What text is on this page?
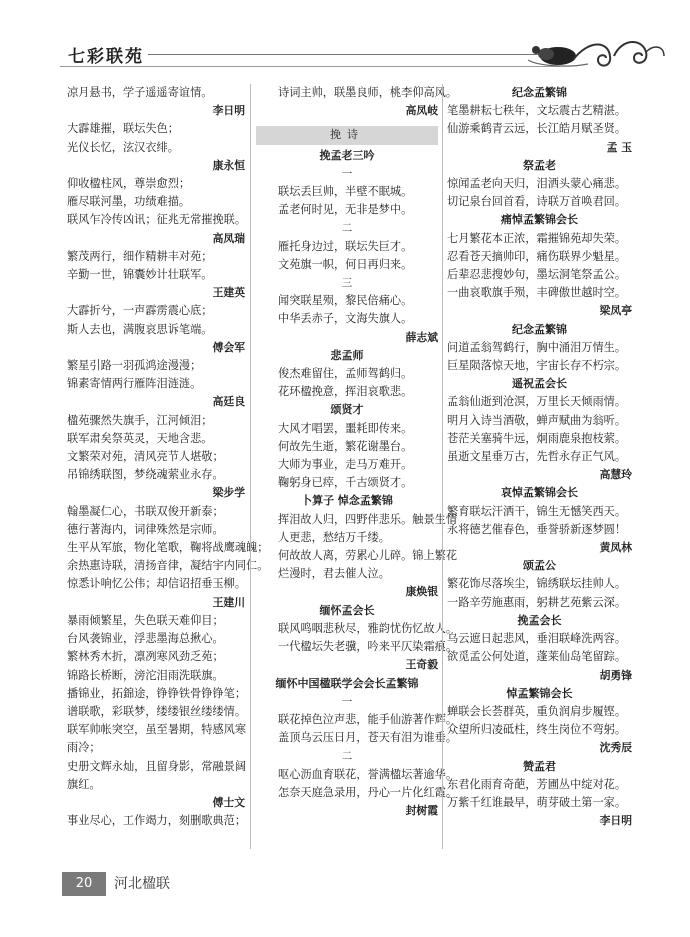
七彩联苑
凉月悬书，学子遥遥寄谊情。
李日明
大霹雄摧，联坛失色；
光仪长忆，泫汉衣绯。
康永恒
仰收楹柱风，尊崇愈烈；
雁尽联河墨，功绩难描。
联风乍冷传凶讯；征兆无常摧挽联。
高凤瑞
繁茂两行，细作精耕丰对苑；
辛勤一世，锦囊妙计壮联军。
王建英
大霹折兮，一声霹雳震心底；
斯人去也，满腹哀思诉笔端。
傅会军
繁星引路一羽孤鸿途漫漫；
锦素寄情两行雁阵泪涟涟。
高廷良
楹苑骤然失旗手，江河倾泪；
联军肃矣祭英灵，天地含悲。
文繁荣对苑，清风亮节人堪敬；
吊锦绣联图，梦绕魂萦业永存。
梁步学
翰墨凝仁心，书联双俊开新泰；
德行著海内，词律殊然是宗师。
生平从军旅，物化笔歌，鞠将战鹰魂魄；
余热惠诗联，清扬音律，凝结宇内同仁。
惊悉讣响忆公伟；却信诏招垂玉柳。
王建川
暴雨倾繁星，失色联天难仰目；
台风袭锦业，浮悲墨海总揪心。
繁林秀木折，凛冽寒风劲乏苑；
锦路长桥断，滂沱泪雨洗联旗。
播锦业，拓錦途，铮铮铁骨铮铮笔；
谱联歌，彩联梦，缕缕银丝缕缕情。
联军帅帐突空，虽至暑期，特感风寒
雨冷；
史册文辉永灿，且留身影，常融景阔
旗红。
傅士文
事业尽心，工作竭力，刻删歌典范；
诗词主帅，联墨良师，桃李仰高风。
高凤岐
挽诗
挽孟老三吟
一
联坛丢巨帅，半壁不眠城。
孟老何时见，无非是梦中。
二
雁托身边过，联坛失巨才。
文苑旗一帜，何日再归来。
三
闻突联星殒，黎民倍痛心。
中华丢赤子，文海失旗人。
薛志斌
悲孟师
俊杰难留住，孟师驾鹤归。
花环楹挽意，挥泪哀歌悲。
颂贤才
大风才唱罢，噩耗即传来。
何故先生逝，繁花谢墨台。
大师为事业，走马万难开。
鞠躬身已瘁，千古颂贤才。
卜算子 悼念孟繁锦
挥泪故人归，四野伴悲乐。触景生情
人更悲，愁结万千缕。
何故故人离，劳累心儿碎。锦上繁花
烂漫时，君去催人泣。
康焕银
缅怀孟会长
联风鸣咽悲秋尽，雅韵忧伤忆故人。
一代楹坛失老骥，吟来平仄染霜痕。
王奇毅
缅怀中国楹联学会会长孟繁锦
一
联花掉色泣声悲，能手仙游著作辉。
盖顶乌云压日月，苍天有泪为谁垂。
二
呕心沥血育联花，誉满楹坛著逾华。
怎奈天庭急录用，丹心一片化红霞。
封树霞
纪念孟繁锦
笔墨耕耘七秩年，文坛震古艺精湛。
仙游乘鹤青云远，长江皓月赋圣贤。
孟 玉
祭孟老
惊闻孟老向天归，泪洒头蒙心痛悲。
切记泉台回首看，诗联万首唤君回。
痛悼孟繁锦会长
七月繁花本正浓，霜摧锦苑却失荣。
忍看苍天摘帅印，痛伤联界少魁星。
后辈忍悲搜妙句，墨坛洞笔祭孟公。
一曲哀歌旗手殒，丰碑傲世越时空。
梁凤亭
纪念孟繁锦
问道孟翁驾鹤行，胸中涌泪万情生。
巨星陨落惊天地，宇宙长存不朽宗。
遥祝孟会长
孟翁仙逝到沧溟，万里长天倾雨情。
明月入诗当酒敬，蝉声赋曲为翁听。
苍茫关塞骑牛远，炯雨鹿泉抱枝萦。
虽逝文星垂万古，先哲永存正气风。
高慧玲
哀悼孟繁锦会长
繁育联坛汗洒干，锦生无憾笑西天。
永将德艺催春色，垂誉骄新逐梦圆！
黄凤林
颂孟公
繁花饰尽落埃尘，锦绣联坛挂帅人。
一路辛劳施惠雨，躬耕艺苑紫云深。
挽孟会长
乌云遮日起悲风，垂泪联峰洗两容。
欲觅孟公何处道，蓬莱仙岛笔留踪。
胡勇锋
悼孟繁锦会长
蝉联会长荟群英，重负润肩步履铿。
众望所归凌砥柱，终生岗位不弯躬。
沈秀辰
赞孟君
东君化雨育奇葩，芳圃丛中绽对花。
万紫千红谁最早，萌芽破土第一家。
李日明
20	河北楹联
